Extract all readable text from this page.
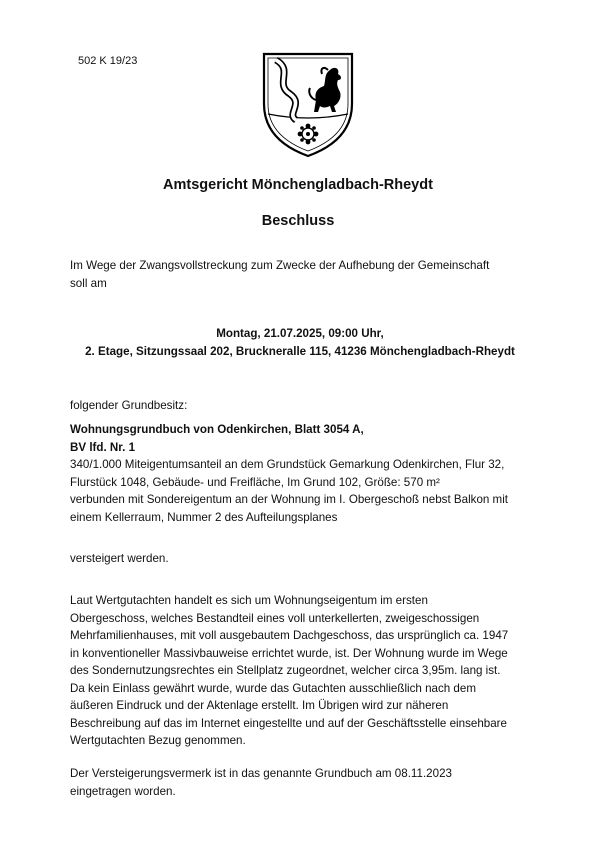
502 K 19/23
Amtsgericht Mönchengladbach-Rheydt
Beschluss
Im Wege der Zwangsvollstreckung zum Zwecke der Aufhebung der Gemeinschaft
soll am
Montag, 21.07.2025, 09:00 Uhr,
2. Etage, Sitzungssaal 202, Bruckneralle 115, 41236 Mönchengladbach-Rheydt
folgender Grundbesitz:
Wohnungsgrundbuch von Odenkirchen, Blatt 3054 A,
BV lfd. Nr. 1
340/1.000 Miteigentumsanteil an dem Grundstück Gemarkung Odenkirchen, Flur 32,
Flurstück 1048, Gebäude- und Freifläche, Im Grund 102, Größe: 570 m²
verbunden mit Sondereigentum an der Wohnung im I. Obergeschoß nebst Balkon mit
einem Kellerraum, Nummer 2 des Aufteilungsplanes
versteigert werden.
Laut Wertgutachten handelt es sich um Wohnungseigentum im ersten
Obergeschoss, welches Bestandteil eines voll unterkellerten, zweigeschossigen
Mehrfamilienhauses, mit voll ausgebautem Dachgeschoss, das ursprünglich ca. 1947
in konventioneller Massivbauweise errichtet wurde, ist. Der Wohnung wurde im Wege
des Sondernutzungsrechtes ein Stellplatz zugeordnet, welcher circa 3,95m. lang ist.
Da kein Einlass gewährt wurde, wurde das Gutachten ausschließlich nach dem
äußeren Eindruck und der Aktenlage erstellt. Im Übrigen wird zur näheren
Beschreibung auf das im Internet eingestellte und auf der Geschäftsstelle einsehbare
Wertgutachten Bezug genommen.
Der Versteigerungsvermerk ist in das genannte Grundbuch am 08.11.2023
eingetragen worden.
